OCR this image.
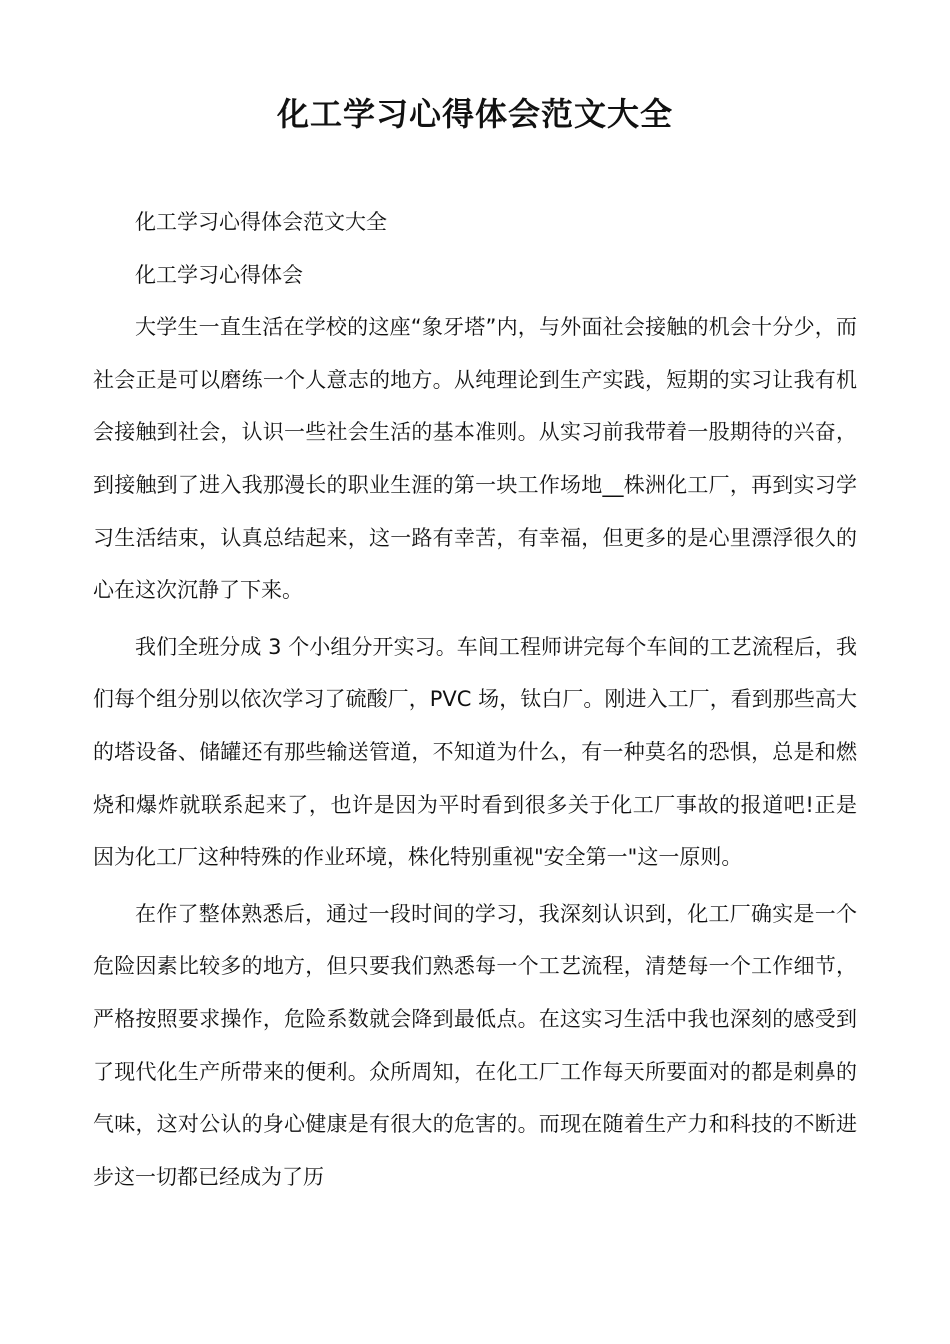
化工学习心得体会范文大全

化工学习心得体会范文大全

化工学习心得体会

大学生一直生活在学校的这座“象牙塔”内，与外面社会接触的机会十分少，而社会正是可以磨练一个人意志的地方。从纯理论到生产实践，短期的实习让我有机会接触到社会，认识一些社会生活的基本准则。从实习前我带着一股期待的兴奋，到接触到了进入我那漫长的职业生涯的第一块工作场地__株洲化工厂，再到实习学习生活结束，认真总结起来，这一路有幸苦，有幸福，但更多的是心里漂浮很久的心在这次沉静了下来。

我们全班分成 3 个小组分开实习。车间工程师讲完每个车间的工艺流程后，我们每个组分别以依次学习了硫酸厂，PVC 场，钛白厂。刚进入工厂，看到那些高大的塔设备、储罐还有那些输送管道，不知道为什么，有一种莫名的恐惧，总是和燃烧和爆炸就联系起来了，也许是因为平时看到很多关于化工厂事故的报道吧!正是因为化工厂这种特殊的作业环境，株化特别重视"安全第一"这一原则。

在作了整体熟悉后，通过一段时间的学习，我深刻认识到，化工厂确实是一个危险因素比较多的地方，但只要我们熟悉每一个工艺流程，清楚每一个工作细节，严格按照要求操作，危险系数就会降到最低点。在这实习生活中我也深刻的感受到了现代化生产所带来的便利。众所周知，在化工厂工作每天所要面对的都是刺鼻的气味，这对公认的身心健康是有很大的危害的。而现在随着生产力和科技的不断进步这一切都已经成为了历
